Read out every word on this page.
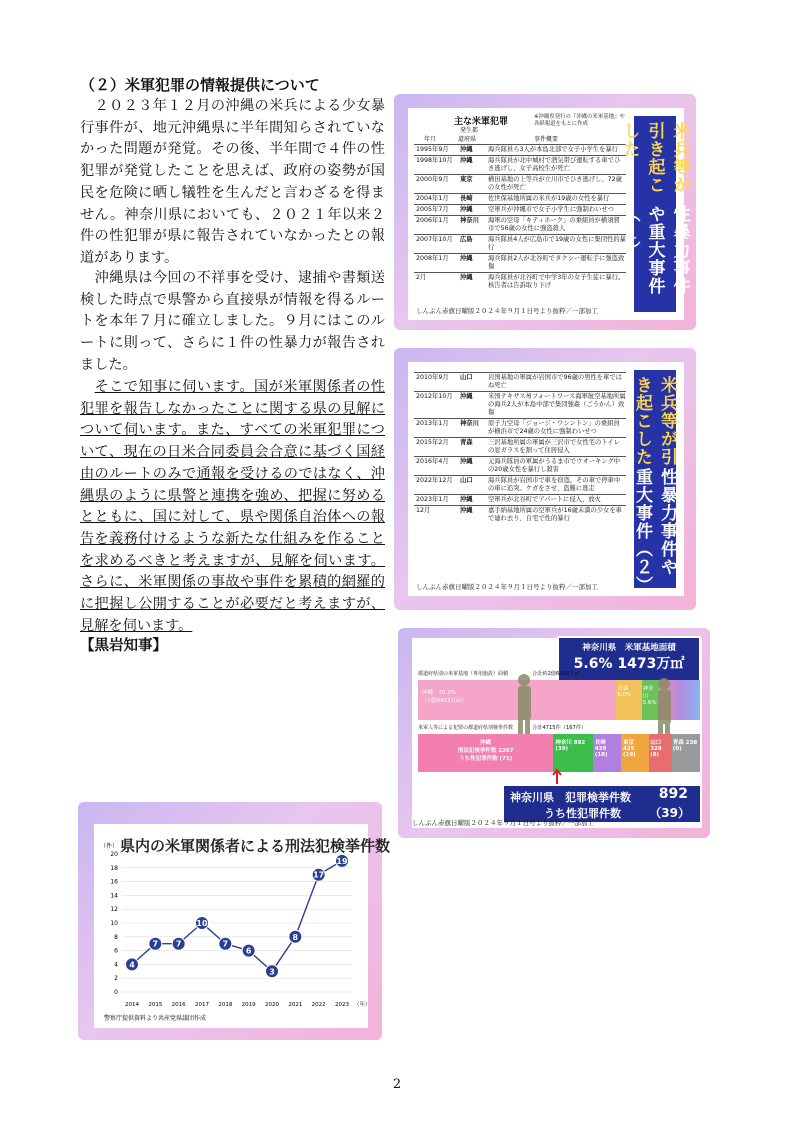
（２）米軍犯罪の情報提供について

　２０２３年１２月の沖縄の米兵による少女暴行事件が、地元沖縄県に半年間知らされていなかった問題が発覚。その後、半年間で４件の性犯罪が発覚したことを思えば、政府の姿勢が国民を危険に晒し犠牲を生んだと言わざるを得ません。神奈川県においても、２０２１年以来２件の性犯罪が県に報告されていなかったとの報道があります。

　沖縄県は今回の不祥事を受け、逮捕や書類送検した時点で県警から直接県が情報を得るルートを本年７月に確立しました。９月にはこのルートに則って、さらに１件の性暴力が報告されました。

　そこで知事に伺います。国が米軍関係者の性犯罪を報告しなかったことに関する県の見解について伺います。また、すべての米軍犯罪について、現在の日米合同委員会合意に基づく国経由のルートのみで通報を受けるのではなく、沖縄県のように県警と連携を強め、把握に努めるとともに、国に対して、県や関係自治体への報告を義務付けるような新たな仕組みを作ることを求めるべきと考えますが、見解を伺います。さらに、米軍関係の事故や事件を累積的網羅的に把握し公開することが必要だと考えますが、見解を伺います。

【黒岩知事】
主な米軍犯罪	※沖縄県発行の『沖縄の米軍基地』や各紙報道をもとに作成
発生都
年月	道府県	事件概要
1995年9月	沖縄	海兵隊員ら3人が本島北部で女子小学生を暴行
1998年10月	沖縄	海兵隊員が北中城村で酒気帯び運転する車でひき逃げし、女子高校生が死亡
2000年9月	東京	横田基地の上等兵が立川市でひき逃げし、72歳の女性が死亡
2004年1月	長崎	佐世保基地所属の米兵が19歳の女性を暴行
2005年7月	沖縄	空軍兵が沖縄市で女子小学生に強制わいせつ
2006年1月	神奈川	海軍の空母「キティホーク」の乗組員が横須賀市で56歳の女性に強盗殺人
2007年10月	広島	海兵隊員4人が広島市で19歳の女性に集団性的暴行
2008年1月	沖縄	海兵隊員2人が北谷町でタクシー運転手に強盗致傷
2月	沖縄	海兵隊員が北谷町で中学3年の女子生徒に暴行。核告者は告訴取り下げ
しんぶん赤旗日曜版２０２４年９月１日号より抜粋／一部加工
米兵等が引き起こした
性暴力事件や重大事件（１）
2010年9月	山口	岩国基地の軍属が岩国市で96歳の男性を車ではね死亡
2012年10月	沖縄	米国テキサス州フォートワース海軍航空基地所属の海兵2人が本島中部で集団強姦（ごうかん）致傷
2013年1月	神奈川	原子力空母「ジョージ・ワシントン」の乗組員が横浜市で24歳の女性に強制わいせつ
2015年2月	青森	三沢基地所属の軍属が三沢市で女性宅のトイレの窓ガラスを割って住居侵入
2016年4月	沖縄	元海兵隊員の軍属がうるま市でウオーキング中の20歳女性を暴行し殺害
2022年12月	山口	海兵隊員が岩国市で車を窃盗。その車で停車中の車に追突。ケガをさせ、盗難に逃走
2023年1月	沖縄	空軍兵が北谷町でアパートに侵入、放火
12月	沖縄	嘉手納基地所属の空軍兵が16歳未満の少女を車で連れ去り、自宅で性的暴行
しんぶん赤旗日曜版２０２４年９月１日号より抜粋／一部加工
米兵等が引き起こした
性暴力事件や重大事件（２）
神奈川県　米軍基地面積
5.6% 1473万㎡
都道府県別の米軍基地（専用施設）面積	合計約2億6263万㎡
沖縄　70.3%
（1億8453万㎡）
青森 9.0%
神奈川 5.6%
米軍人等による犯罪の都道府県別検挙件数	合計4715件（167件）
沖縄
刑法犯検挙件数 2267
うち性犯罪件数 (71)
神奈川 892 (39)
長崎 439 (18)
東京 425 (19)
山口 328 (8)
青森 238 (0)
神奈川県　犯罪検挙件数 892
うち性犯罪件数 （39）
しんぶん赤旗日曜版２０２４年９月１日号より抜粋／一部加工
（件）
0
2
4
6
8
10
12
14
16
18
20
2014 2015 2016 2017 2018 2019 2020 2021 2022 2023 （年）
4
7 7
10
7
6
3
8
17
19
警察庁提供資料より共産党県議団作成
県内の米軍関係者による刑法犯検挙件数
2
